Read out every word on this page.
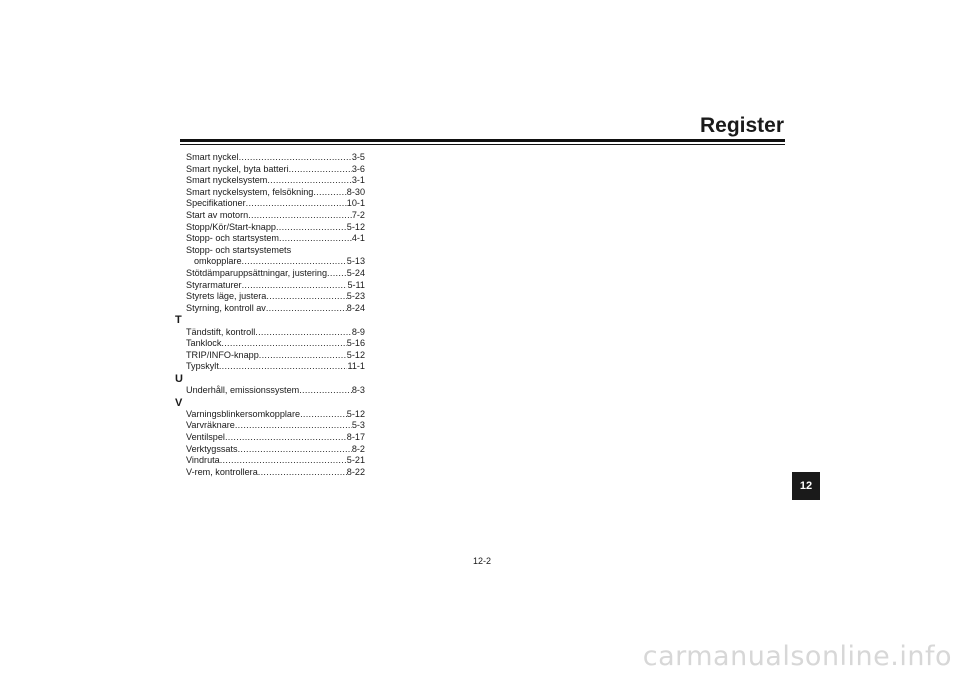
Register
Smart nyckel .....	3-5
Smart nyckel, byta batteri .....	3-6
Smart nyckelsystem .....	3-1
Smart nyckelsystem, felsökning .....	8-30
Specifikationer .....	10-1
Start av motorn .....	7-2
Stopp/Kör/Start-knapp .....	5-12
Stopp- och startsystem .....	4-1
Stopp- och startsystemets
omkopplare .....	5-13
Stötdämparuppsättningar, justering ..... 5-24
Styrarmaturer .....	5-11
Styrets läge, justera .....	5-23
Styrning, kontroll av .....	8-24
T
Tändstift, kontroll .....	8-9
Tanklock .....	5-16
TRIP/INFO-knapp .....	5-12
Typskylt .....	11-1
U
Underhåll, emissionssystem .....	8-3
V
Varningsblinkersomkopplare .....	5-12
Varvräknare .....	5-3
Ventilspel .....	8-17
Verktygssats .....	8-2
Vindruta .....	5-21
V-rem, kontrollera .....	8-22
12
12-2
carmanualsonline.info
